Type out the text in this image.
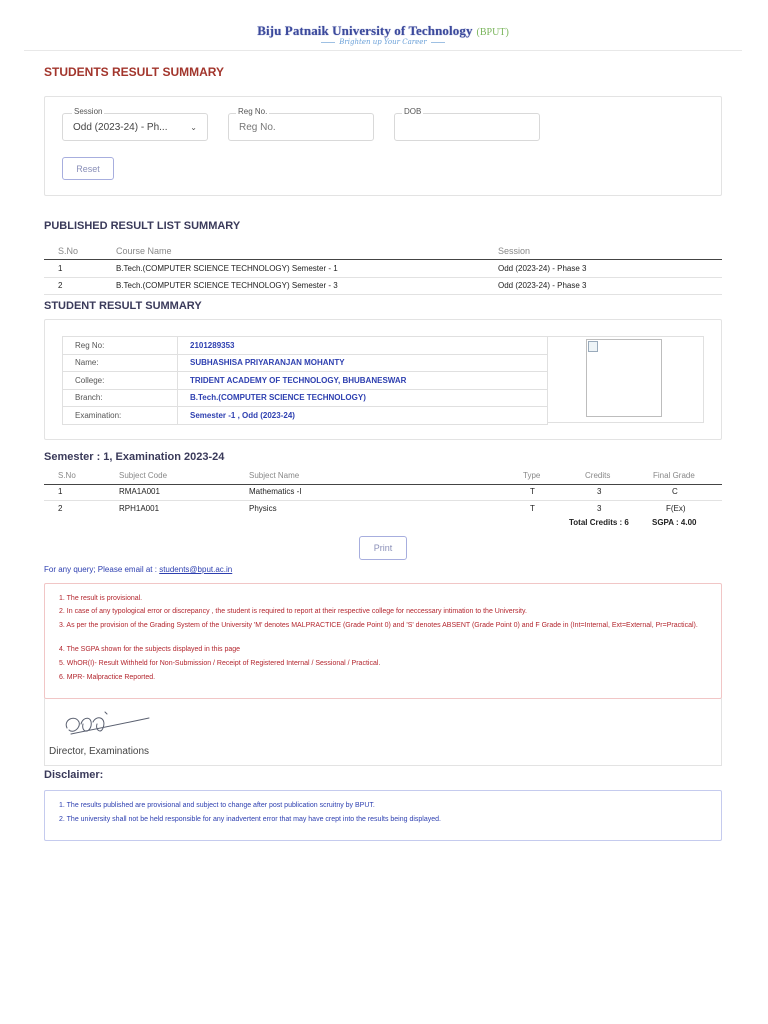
Biju Patnaik University of Technology (BPUT)
Brighten up Your Career
STUDENTS RESULT SUMMARY
Odd (2023-24) - Ph...	⌄
Session
Reg No.	Reg No.	DOB
Reset
PUBLISHED RESULT LIST SUMMARY
S.No	Course Name	Session
1	B.Tech.(COMPUTER SCIENCE TECHNOLOGY) Semester - 1	Odd (2023-24) - Phase 3
2	B.Tech.(COMPUTER SCIENCE TECHNOLOGY) Semester - 3	Odd (2023-24) - Phase 3
STUDENT RESULT SUMMARY
Reg No:	2101289353
Name:	SUBHASHISA PRIYARANJAN MOHANTY
College:	TRIDENT ACADEMY OF TECHNOLOGY, BHUBANESWAR
Branch:	B.Tech.(COMPUTER SCIENCE TECHNOLOGY)
Examination:	Semester -1 , Odd (2023-24)
Semester : 1, Examination 2023-24
S.No	Subject Code	Subject Name	Type	Credits	Final Grade
1	RMA1A001	Mathematics -I	T	3	C
2	RPH1A001	Physics	T	3	F(Ex)
Total Credits : 6	SGPA : 4.00
Print
For any query; Please email at : students@bput.ac.in
1. The result is provisional.
2. In case of any typological error or discrepancy , the student is required to report at their respective college for neccessary intimation to the University.
3. As per the provision of the Grading System of the University 'M' denotes MALPRACTICE (Grade Point 0) and 'S' denotes ABSENT (Grade Point 0) and F Grade in (Int=Internal, Ext=External, Pr=Practical).
4. The SGPA shown for the subjects displayed in this page
5. WhOR(I)- Result Withheld for Non-Submission / Receipt of Registered Internal / Sessional / Practical.
6. MPR- Malpractice Reported.
Director, Examinations
Disclaimer:
1. The results published are provisional and subject to change after post publication scruitny by BPUT.
2. The university shall not be held responsible for any inadvertent error that may have crept into the results being displayed.
